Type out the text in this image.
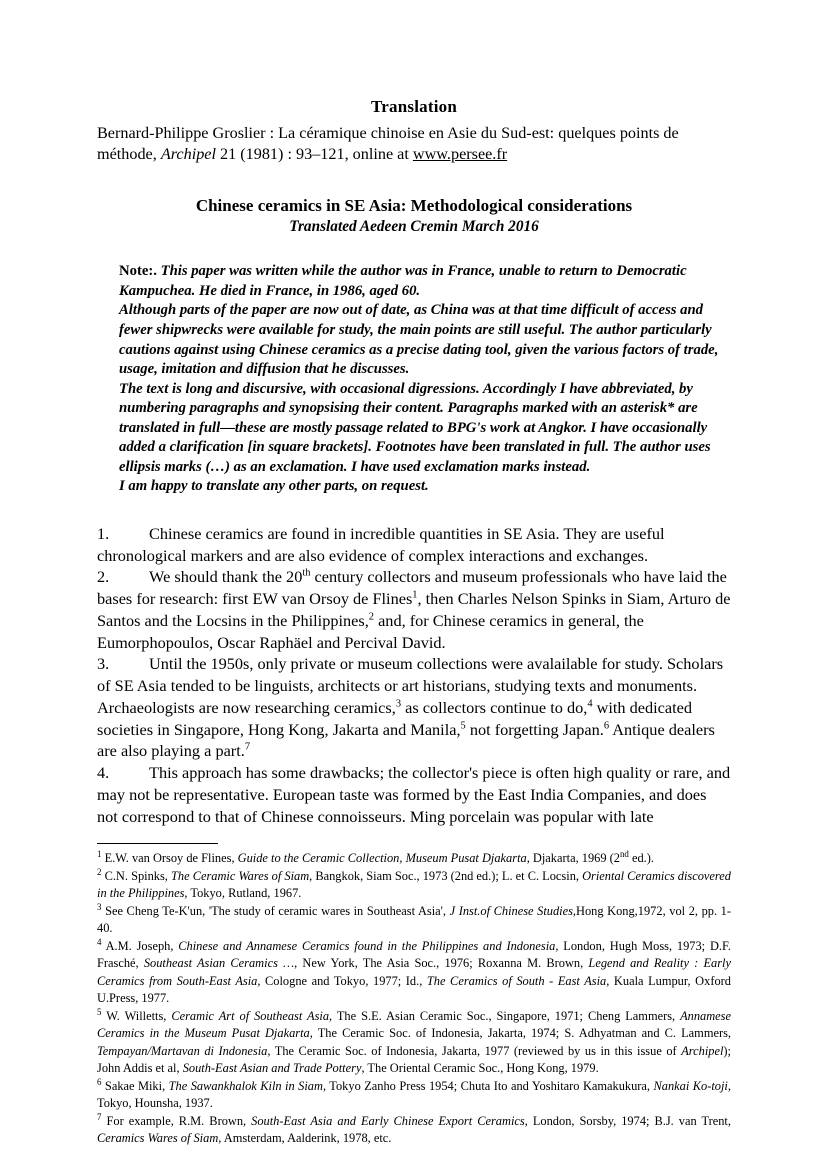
Translation

Bernard-Philippe Groslier : La céramique chinoise en Asie du Sud-est: quelques points de méthode, Archipel 21 (1981) : 93–121, online at www.persee.fr

Chinese ceramics in SE Asia: Methodological considerations

Translated Aedeen Cremin March 2016

Note:. This paper was written while the author was in France, unable to return to Democratic Kampuchea. He died in France, in 1986, aged 60.

Although parts of the paper are now out of date, as China was at that time difficult of access and fewer shipwrecks were available for study, the main points are still useful. The author particularly cautions against using Chinese ceramics as a precise dating tool, given the various factors of trade, usage, imitation and diffusion that he discusses.

The text is long and discursive, with occasional digressions. Accordingly I have abbreviated, by numbering paragraphs and synopsising their content. Paragraphs marked with an asterisk* are translated in full—these are mostly passage related to BPG's work at Angkor. I have occasionally added a clarification [in square brackets]. Footnotes have been translated in full. The author uses ellipsis marks (…) as an exclamation. I have used exclamation marks instead.

I am happy to translate any other parts, on request.

1. Chinese ceramics are found in incredible quantities in SE Asia. They are useful chronological markers and are also evidence of complex interactions and exchanges.

2. We should thank the 20th century collectors and museum professionals who have laid the bases for research: first EW van Orsoy de Flines$^1$, then Charles Nelson Spinks in Siam, Arturo de Santos and the Locsins in the Philippines,$^2$ and, for Chinese ceramics in general, the Eumorphopoulos, Oscar Raphäel and Percival David.

3. Until the 1950s, only private or museum collections were avalailable for study. Scholars of SE Asia tended to be linguists, architects or art historians, studying texts and monuments. Archaeologists are now researching ceramics,$^3$ as collectors continue to do,$^4$ with dedicated societies in Singapore, Hong Kong, Jakarta and Manila,$^5$ not forgetting Japan.$^6$ Antique dealers are also playing a part.$^7$

4. This approach has some drawbacks; the collector's piece is often high quality or rare, and may not be representative. European taste was formed by the East India Companies, and does not correspond to that of Chinese connoisseurs. Ming porcelain was popular with late

$^1$ E.W. van Orsoy de Flines, Guide to the Ceramic Collection, Museum Pusat Djakarta, Djakarta, 1969 (2nd ed.).

$^2$ C.N. Spinks, The Ceramic Wares of Siam, Bangkok, Siam Soc., 1973 (2nd ed.); L. et C. Locsin, Oriental Ceramics discovered in the Philippines, Tokyo, Rutland, 1967.

$^3$ See Cheng Te-K'un, 'The study of ceramic wares in Southeast Asia', J Inst.of Chinese Studies,Hong Kong,1972, vol 2, pp. 1-40.

$^4$ A.M. Joseph, Chinese and Annamese Ceramics found in the Philippines and Indonesia, London, Hugh Moss, 1973; D.F. Frasché, Southeast Asian Ceramics …, New York, The Asia Soc., 1976; Roxanna M. Brown, Legend and Reality : Early Ceramics from South-East Asia, Cologne and Tokyo, 1977; Id., The Ceramics of South - East Asia, Kuala Lumpur, Oxford U.Press, 1977.

$^5$ W. Willetts, Ceramic Art of Southeast Asia, The S.E. Asian Ceramic Soc., Singapore, 1971; Cheng Lammers, Annamese Ceramics in the Museum Pusat Djakarta, The Ceramic Soc. of Indonesia, Jakarta, 1974; S. Adhyatman and C. Lammers, Tempayan/Martavan di Indonesia, The Ceramic Soc. of Indonesia, Jakarta, 1977 (reviewed by us in this issue of Archipel); John Addis et al, South-East Asian and Trade Pottery, The Oriental Ceramic Soc., Hong Kong, 1979.

$^6$ Sakae Miki, The Sawankhalok Kiln in Siam, Tokyo Zanho Press 1954; Chuta Ito and Yoshitaro Kamakukura, Nankai Ko-toji, Tokyo, Hounsha, 1937.

$^7$ For example, R.M. Brown, South-East Asia and Early Chinese Export Ceramics, London, Sorsby, 1974; B.J. van Trent, Ceramics Wares of Siam, Amsterdam, Aalderink, 1978, etc.
